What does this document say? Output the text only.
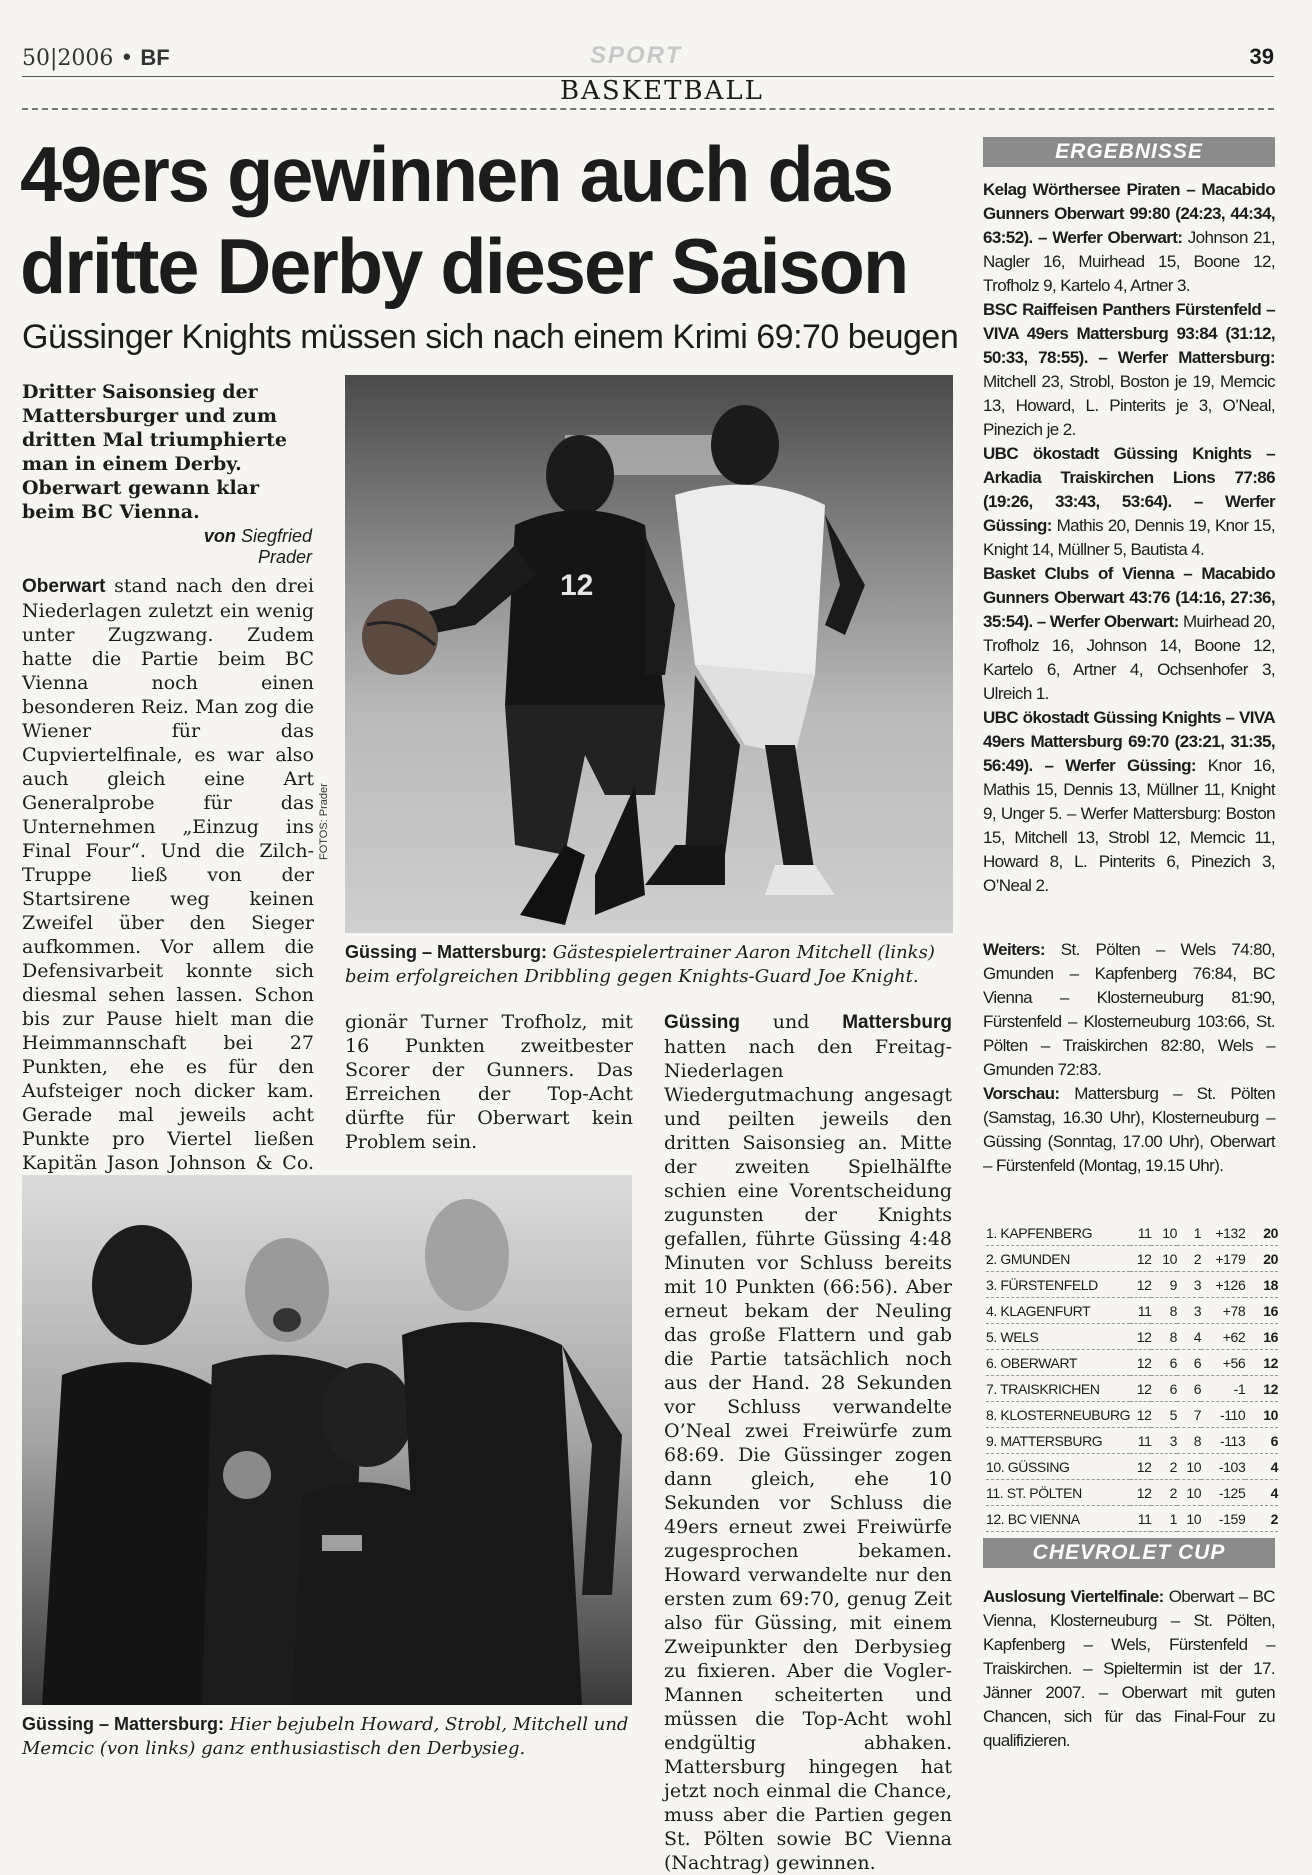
50|2006 • BF	SPORT	39
BASKETBALL
49ers gewinnen auch das
dritte Derby dieser Saison
Güssinger Knights müssen sich nach einem Krimi 69:70 beugen
Dritter Saisonsieg der Mattersburger und zum dritten Mal triumphierte man in einem Derby. Oberwart gewann klar beim BC Vienna.
von Siegfried Prader
Oberwart stand nach den drei Niederlagen zuletzt ein wenig unter Zugzwang. Zudem hatte die Partie beim BC Vienna noch einen besonderen Reiz. Man zog die Wiener für das Cupviertelfinale, es war also auch gleich eine Art Generalprobe für das Unternehmen „Einzug ins Final Four“. Und die Zilch-Truppe ließ von der Startsirene weg keinen Zweifel über den Sieger aufkommen. Vor allem die Defensivarbeit konnte sich diesmal sehen lassen. Schon bis zur Pause hielt man die Heimmannschaft bei 27 Punkten, ehe es für den Aufsteiger noch dicker kam. Gerade mal jeweils acht Punkte pro Viertel ließen Kapitän Jason Johnson & Co.
12
FOTOS: Prader
Güssing – Mattersburg: Gästespielertrainer Aaron Mitchell (links) beim erfolgreichen Dribbling gegen Knights-Guard Joe Knight.
gionär Turner Trofholz, mit 16 Punkten zweitbester Scorer der Gunners. Das Erreichen der Top-Acht dürfte für Oberwart kein Problem sein.
Güssing und Mattersburg hatten nach den Freitag-Niederlagen Wiedergutmachung angesagt und peilten jeweils den dritten Saisonsieg an. Mitte der zweiten Spielhälfte schien eine Vorentscheidung zugunsten der Knights gefallen, führte Güssing 4:48 Minuten vor Schluss bereits mit 10 Punkten (66:56). Aber erneut bekam der Neuling das große Flattern und gab die Partie tatsächlich noch aus der Hand. 28 Sekunden vor Schluss verwandelte O’Neal zwei Freiwürfe zum 68:69. Die Güssinger zogen dann gleich, ehe 10 Sekunden vor Schluss die 49ers erneut zwei Freiwürfe zugesprochen bekamen. Howard verwandelte nur den ersten zum 69:70, genug Zeit also für Güssing, mit einem Zweipunkter den Derbysieg zu fixieren. Aber die Vogler-Mannen scheiterten und müssen die Top-Acht wohl endgültig abhaken. Mattersburg hingegen hat jetzt noch einmal die Chance, muss aber die Partien gegen St. Pölten sowie BC Vienna (Nachtrag) gewinnen.
Güssing – Mattersburg: Hier bejubeln Howard, Strobl, Mitchell und Memcic (von links) ganz enthusiastisch den Derbysieg.
ERGEBNISSE

Kelag Wörthersee Piraten – Macabido Gunners Oberwart 99:80 (24:23, 44:34, 63:52). – Werfer Oberwart: Johnson 21, Nagler 16, Muirhead 15, Boone 12, Trofholz 9, Kartelo 4, Artner 3.

BSC Raiffeisen Panthers Fürstenfeld – VIVA 49ers Mattersburg 93:84 (31:12, 50:33, 78:55). – Werfer Mattersburg: Mitchell 23, Strobl, Boston je 19, Memcic 13, Howard, L. Pinterits je 3, O’Neal, Pinezich je 2.

UBC ökostadt Güssing Knights – Arkadia Traiskirchen Lions 77:86 (19:26, 33:43, 53:64). – Werfer Güssing: Mathis 20, Dennis 19, Knor 15, Knight 14, Müllner 5, Bautista 4.

Basket Clubs of Vienna – Macabido Gunners Oberwart 43:76 (14:16, 27:36, 35:54). – Werfer Oberwart: Muirhead 20, Trofholz 16, Johnson 14, Boone 12, Kartelo 6, Artner 4, Ochsenhofer 3, Ulreich 1.

UBC ökostadt Güssing Knights – VIVA 49ers Mattersburg 69:70 (23:21, 31:35, 56:49). – Werfer Güssing: Knor 16, Mathis 15, Dennis 13, Müllner 11, Knight 9, Unger 5. – Werfer Mattersburg: Boston 15, Mitchell 13, Strobl 12, Memcic 11, Howard 8, L. Pinterits 6, Pinezich 3, O’Neal 2.

Weiters: St. Pölten – Wels 74:80, Gmunden – Kapfenberg 76:84, BC Vienna – Klosterneuburg 81:90, Fürstenfeld – Klosterneuburg 103:66, St. Pölten – Traiskirchen 82:80, Wels – Gmunden 72:83.

Vorschau: Mattersburg – St. Pölten (Samstag, 16.30 Uhr), Klosterneuburg – Güssing (Sonntag, 17.00 Uhr), Oberwart – Fürstenfeld (Montag, 19.15 Uhr).

1. KAPFENBERG	11	10	1	+132	20
2. GMUNDEN	12	10	2	+179	20
3. FÜRSTENFELD	12	9	3	+126	18
4. KLAGENFURT	11	8	3	+78	16
5. WELS	12	8	4	+62	16
6. OBERWART	12	6	6	+56	12
7. TRAISKRICHEN	12	6	6	-1	12
8. KLOSTERNEUBURG	12	5	7	-110	10
9. MATTERSBURG	11	3	8	-113	6
10. GÜSSING	12	2	10	-103	4
11. ST. PÖLTEN	12	2	10	-125	4
12. BC VIENNA	11	1	10	-159	2
CHEVROLET CUP
Auslosung Viertelfinale: Oberwart – BC Vienna, Klosterneuburg – St. Pölten, Kapfenberg – Wels, Fürstenfeld – Traiskirchen. – Spieltermin ist der 17. Jänner 2007. – Oberwart mit guten Chancen, sich für das Final-Four zu qualifizieren.
